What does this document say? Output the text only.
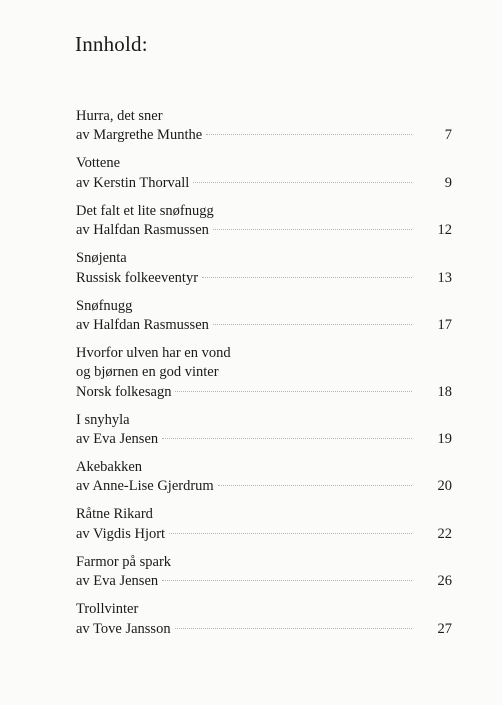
Innhold:
Hurra, det sner
av Margrethe Munthe	7
Vottene
av Kerstin Thorvall	9
Det falt et lite snøfnugg
av Halfdan Rasmussen	12
Snøjenta
Russisk folkeeventyr	13
Snøfnugg
av Halfdan Rasmussen	17
Hvorfor ulven har en vond
og bjørnen en god vinter
Norsk folkesagn	18
I snyhyla
av Eva Jensen	19
Akebakken
av Anne-Lise Gjerdrum	20
Råtne Rikard
av Vigdis Hjort	22
Farmor på spark
av Eva Jensen	26
Trollvinter
av Tove Jansson	27
